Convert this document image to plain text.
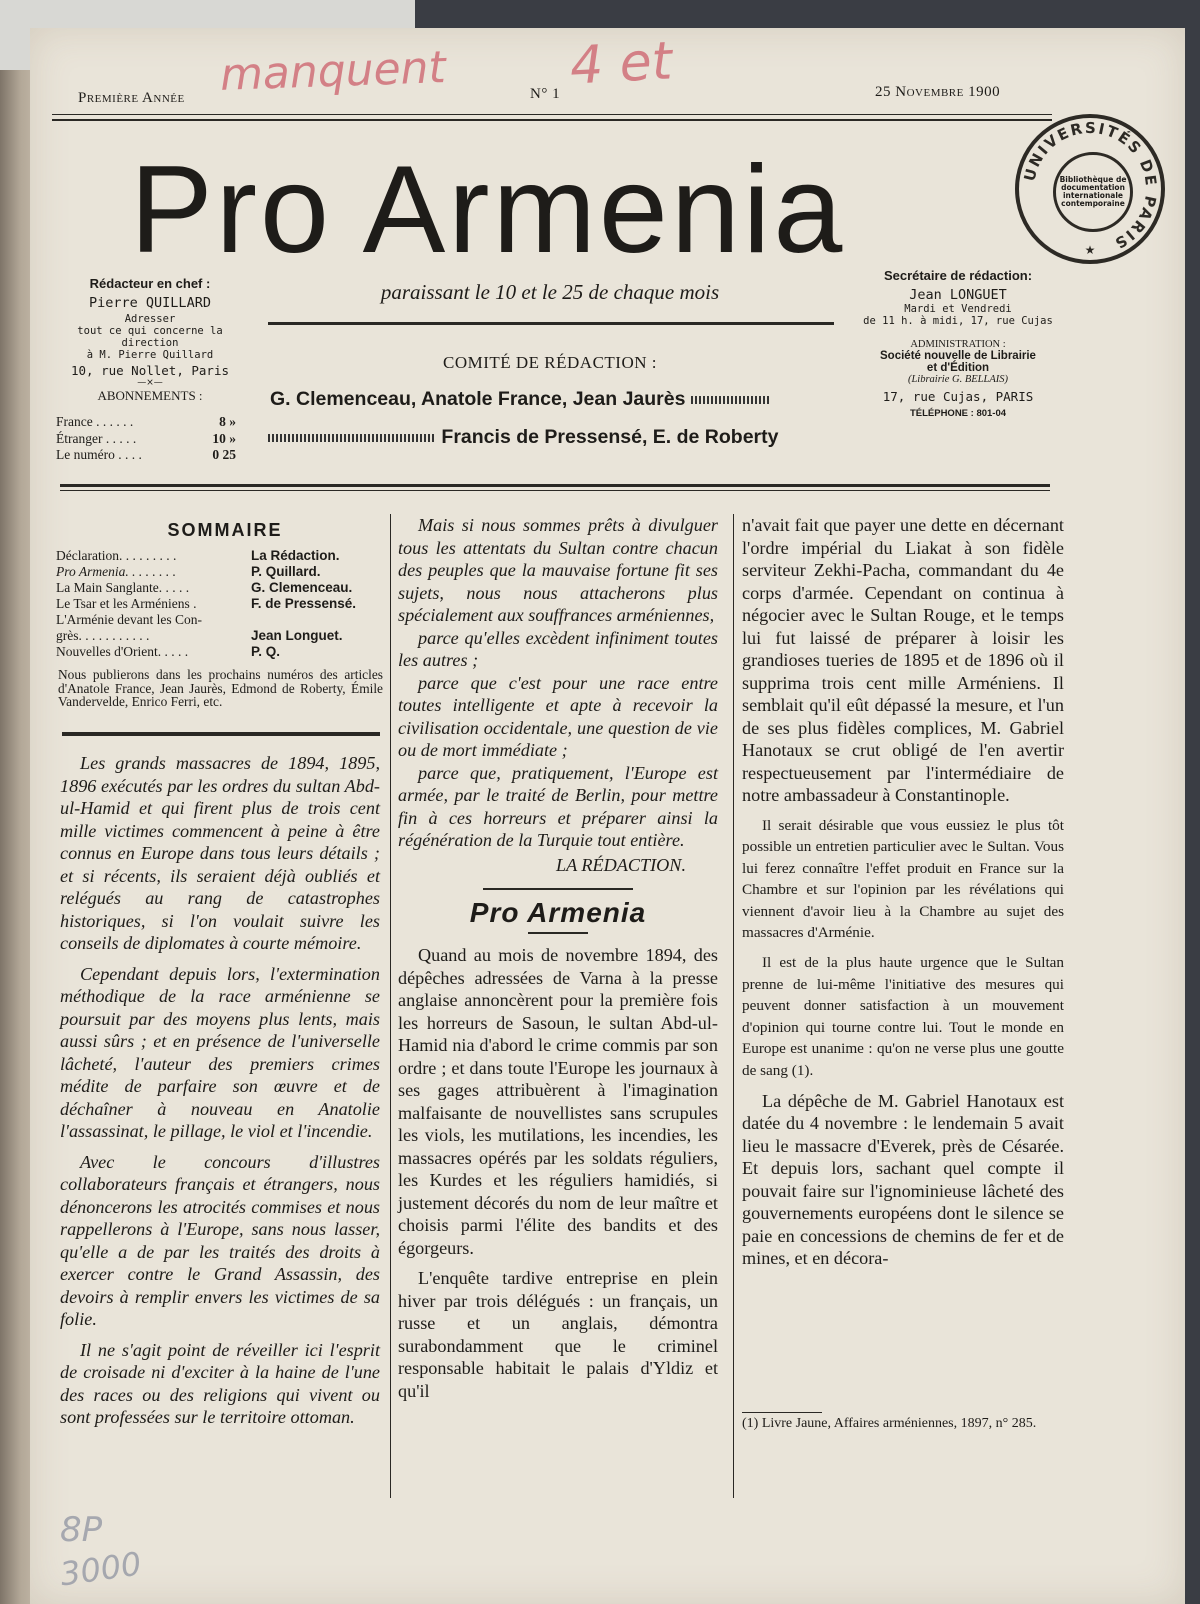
manquent 4 et
8P
3000
Première Année	N° 1	25 Novembre 1900
Pro Armenia	UNIVERSITÉS DE PARIS
★
Bibliothèque de documentation internationale contemporaine
Rédacteur en chef :
Pierre QUILLARD
Adresser
tout ce qui concerne la direction
à M. Pierre Quillard
10, rue Nollet, Paris
—×—
ABONNEMENTS :
France . . . . . .	8 »
Étranger . . . . .	10 »
Le numéro . . . .	0 25
paraissant le 10 et le 25 de chaque mois
COMITÉ DE RÉDACTION :
G. Clemenceau, Anatole France, Jean Jaurès
Francis de Pressensé, E. de Roberty
Secrétaire de rédaction:
Jean LONGUET
Mardi et Vendredi
de 11 h. à midi, 17, rue Cujas
ADMINISTRATION :
Société nouvelle de Librairie
et d'Édition
(Librairie G. BELLAIS)
17, rue Cujas, PARIS
TÉLÉPHONE : 801-04
SOMMAIRE
Déclaration. . . . . . . . .	La Rédaction.
Pro Armenia. . . . . . . .	P. Quillard.
La Main Sanglante. . . . .	G. Clemenceau.
Le Tsar et les Arméniens .	F. de Pressensé.
L'Arménie devant les Con-
grès. . . . . . . . . . .	Jean Longuet.
Nouvelles d'Orient. . . . .	P. Q.
Nous publierons dans les prochains numéros des articles d'Anatole France, Jean Jaurès, Edmond de Roberty, Émile Vandervelde, Enrico Ferri, etc.

Les grands massacres de 1894, 1895, 1896 exécutés par les ordres du sultan Abd-ul-Hamid et qui firent plus de trois cent mille victimes commencent à peine à être connus en Europe dans tous leurs détails ; et si récents, ils seraient déjà oubliés et relégués au rang de catastrophes historiques, si l'on voulait suivre les conseils de diplomates à courte mémoire.

Cependant depuis lors, l'extermination méthodique de la race arménienne se poursuit par des moyens plus lents, mais aussi sûrs ; et en présence de l'universelle lâcheté, l'auteur des premiers crimes médite de parfaire son œuvre et de déchaîner à nouveau en Anatolie l'assassinat, le pillage, le viol et l'incendie.

Avec le concours d'illustres collaborateurs français et étrangers, nous dénoncerons les atrocités commises et nous rappellerons à l'Europe, sans nous lasser, qu'elle a de par les traités des droits à exercer contre le Grand Assassin, des devoirs à remplir envers les victimes de sa folie.

Il ne s'agit point de réveiller ici l'esprit de croisade ni d'exciter à la haine de l'une des races ou des religions qui vivent ou sont professées sur le territoire ottoman.

Mais si nous sommes prêts à divulguer tous les attentats du Sultan contre chacun des peuples que la mauvaise fortune fit ses sujets, nous nous attacherons plus spécialement aux souffrances arméniennes,

parce qu'elles excèdent infiniment toutes les autres ;

parce que c'est pour une race entre toutes intelligente et apte à recevoir la civilisation occidentale, une question de vie ou de mort immédiate ;

parce que, pratiquement, l'Europe est armée, par le traité de Berlin, pour mettre fin à ces horreurs et préparer ainsi la régénération de la Turquie tout entière.

LA RÉDACTION.
Pro Armenia

Quand au mois de novembre 1894, des dépêches adressées de Varna à la presse anglaise annoncèrent pour la première fois les horreurs de Sasoun, le sultan Abd-ul-Hamid nia d'abord le crime commis par son ordre ; et dans toute l'Europe les journaux à ses gages attribuèrent à l'imagination malfaisante de nouvellistes sans scrupules les viols, les mutilations, les incendies, les massacres opérés par les soldats réguliers, les Kurdes et les réguliers hamidiés, si justement décorés du nom de leur maître et choisis parmi l'élite des bandits et des égorgeurs.

L'enquête tardive entreprise en plein hiver par trois délégués : un français, un russe et un anglais, démontra surabondamment que le criminel responsable habitait le palais d'Yldiz et qu'il

n'avait fait que payer une dette en décernant l'ordre impérial du Liakat à son fidèle serviteur Zekhi-Pacha, commandant du 4e corps d'armée. Cependant on continua à négocier avec le Sultan Rouge, et le temps lui fut laissé de préparer à loisir les grandioses tueries de 1895 et de 1896 où il supprima trois cent mille Arméniens. Il semblait qu'il eût dépassé la mesure, et l'un de ses plus fidèles complices, M. Gabriel Hanotaux se crut obligé de l'en avertir respectueusement par l'intermédiaire de notre ambassadeur à Constantinople.

Il serait désirable que vous eussiez le plus tôt possible un entretien particulier avec le Sultan. Vous lui ferez connaître l'effet produit en France sur la Chambre et sur l'opinion par les révélations qui viennent d'avoir lieu à la Chambre au sujet des massacres d'Arménie.

Il est de la plus haute urgence que le Sultan prenne de lui-même l'initiative des mesures qui peuvent donner satisfaction à un mouvement d'opinion qui tourne contre lui. Tout le monde en Europe est unanime : qu'on ne verse plus une goutte de sang (1).

La dépêche de M. Gabriel Hanotaux est datée du 4 novembre : le lendemain 5 avait lieu le massacre d'Everek, près de Césarée. Et depuis lors, sachant quel compte il pouvait faire sur l'ignominieuse lâcheté des gouvernements européens dont le silence se paie en concessions de chemins de fer et de mines, et en décora-

(1) Livre Jaune, Affaires arméniennes, 1897, n° 285.
